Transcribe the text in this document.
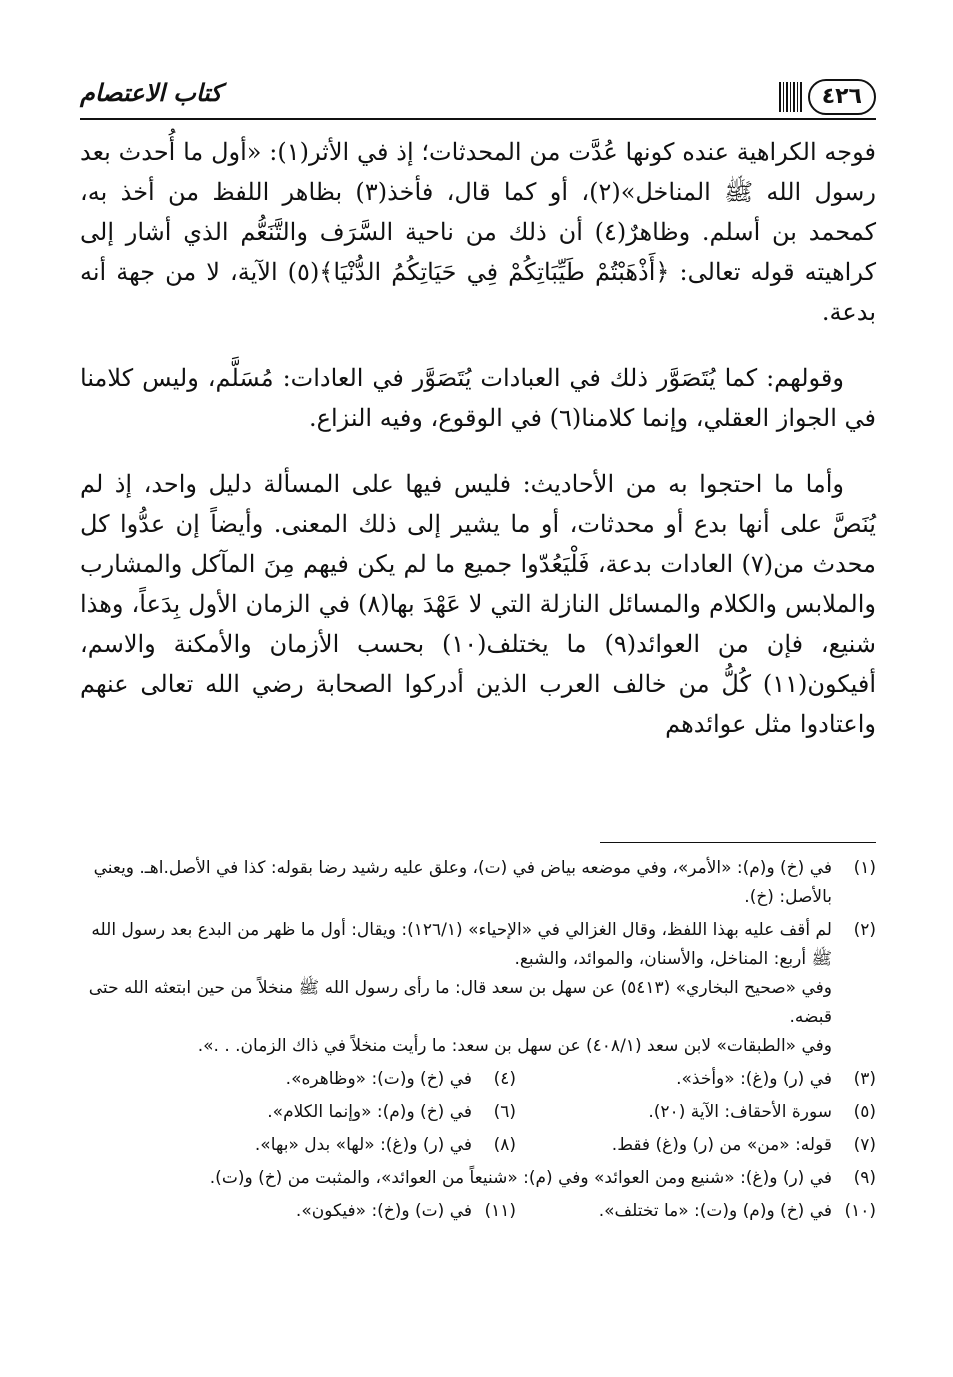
٤٢٦
كتاب الاعتصام

فوجه الكراهية عنده كونها عُدَّت من المحدثات؛ إذ في الأثر(١): «أول ما أُحدث بعد رسول الله ﷺ المناخل»(٢)، أو كما قال، فأخذ(٣) بظاهر اللفظ من أخذ به، كمحمد بن أسلم. وظاهرٌ(٤) أن ذلك من ناحية السَّرَف والتَّنَعُّم الذي أشار إلى كراهيته قوله تعالى: ﴿أَذْهَبْتُمْ طَيِّبَاتِكُمْ فِي حَيَاتِكُمُ الدُّنْيَا﴾(٥) الآية، لا من جهة أنه بدعة.

وقولهم: كما يُتَصَوَّر ذلك في العبادات يُتَصَوَّر في العادات: مُسَلَّم، وليس كلامنا في الجواز العقلي، وإنما كلامنا(٦) في الوقوع، وفيه النزاع.

وأما ما احتجوا به من الأحاديث: فليس فيها على المسألة دليل واحد، إذ لم يُنَصَّ على أنها بدع أو محدثات، أو ما يشير إلى ذلك المعنى. وأيضاً إن عدُّوا كل محدث من(٧) العادات بدعة، فَلْيَعُدّوا جميع ما لم يكن فيهم مِنَ المآكل والمشارب والملابس والكلام والمسائل النازلة التي لا عَهْدَ بها(٨) في الزمان الأول بِدَعاً، وهذا شنيع، فإن من العوائد(٩) ما يختلف(١٠) بحسب الأزمان والأمكنة والاسم، أفيكون(١١) كُلُّ من خالف العرب الذين أدركوا الصحابة رضي الله تعالى عنهم واعتادوا مثل عوائدهم

(١)
في (خ) و(م): «الأمر»، وفي موضعه بياض في (ت)، وعلق عليه رشيد رضا بقوله: كذا في الأصل.اهـ. ويعني بالأصل: (خ).
(٢)
لم أقف عليه بهذا اللفظ، وقال الغزالي في «الإحياء» (١٢٦/١): ويقال: أول ما ظهر من البدع بعد رسول الله ﷺ أربع: المناخل، والأسنان، والموائد، والشبع.
وفي «صحيح البخاري» (٥٤١٣) عن سهل بن سعد قال: ما رأى رسول الله ﷺ منخلاً من حين ابتعثه الله حتى قبضه.
وفي «الطبقات» لابن سعد (٤٠٨/١) عن سهل بن سعد: ما رأيت منخلاً في ذاك الزمان. . .».
(٣)
في (ر) و(غ): «وأخذ».
(٤)
في (خ) و(ت): «وظاهره».
(٥)
سورة الأحقاف: الآية (٢٠).
(٦)
في (خ) و(م): «وإنما الكلام».
(٧)
قوله: «من» من (ر) و(غ) فقط.
(٨)
في (ر) و(غ): «لها» بدل «بها».
(٩)
في (ر) و(غ): «شنيع ومن العوائد» وفي (م): «شنيعاً من العوائد»، والمثبت من (خ) و(ت).
(١٠)
في (خ) و(م) و(ت): «ما تختلف».
(١١)
في (ت) و(خ): «فيكون».
